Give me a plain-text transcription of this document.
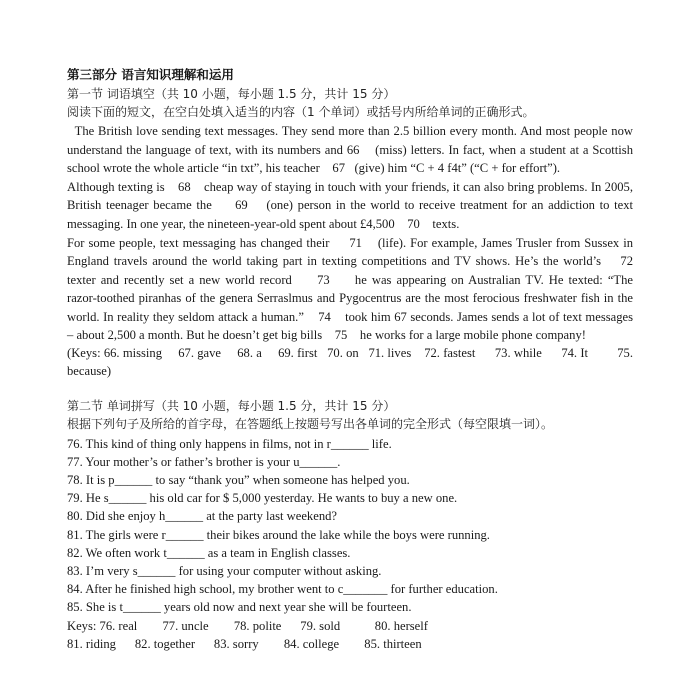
第三部分 语言知识理解和运用
第一节 词语填空（共 10 小题，每小题 1.5 分，共计 15 分）
阅读下面的短文，在空白处填入适当的内容（1 个单词）或括号内所给单词的正确形式。
The British love sending text messages. They send more than 2.5 billion every month. And most people now
understand the language of text, with its numbers and 66    (miss) letters. In fact, when a student at a Scottish
school wrote the whole article “in txt”, his teacher    67   (give) him “C + 4 f4t” (“C + for effort”).
Although texting is    68    cheap way of staying in touch with your friends, it can also bring problems. In 2005,
British teenager became the     69    (one) person in the world to receive treatment for an addiction to text
messaging. In one year, the nineteen-year-old spent about £4,500    70    texts.
For some people, text messaging has changed their     71    (life). For example, James Trusler from Sussex in
England travels around the world taking part in texting competitions and TV shows. He’s the world’s    72
texter and recently set a new world record     73     he was appearing on Australian TV. He texted: “The
razor-toothed piranhas of the genera Serraslmus and Pygocentrus are the most ferocious freshwater fish in the
world. In reality they seldom attack a human.”    74    took him 67 seconds. James sends a lot of text messages
– about 2,500 a month. But he doesn’t get big bills    75    he works for a large mobile phone company!
(Keys: 66. missing     67. gave     68. a     69. first   70. on   71. lives    72. fastest      73. while      74. It         75.
because)
第二节 单词拼写（共 10 小题，每小题 1.5 分，共计 15 分）
根据下列句子及所给的首字母，在答题纸上按题号写出各单词的完全形式（每空限填一词）。
76. This kind of thing only happens in films, not in r______ life.
77. Your mother’s or father’s brother is your u______.
78. It is p______ to say “thank you” when someone has helped you.
79. He s______ his old car for $ 5,000 yesterday. He wants to buy a new one.
80. Did she enjoy h______ at the party last weekend?
81. The girls were r______ their bikes around the lake while the boys were running.
82. We often work t______ as a team in English classes.
83. I’m very s______ for using your computer without asking.
84. After he finished high school, my brother went to c_______ for further education.
85. She is t______ years old now and next year she will be fourteen.
Keys: 76. real        77. uncle        78. polite      79. sold           80. herself
81. riding      82. together      83. sorry        84. college        85. thirteen
